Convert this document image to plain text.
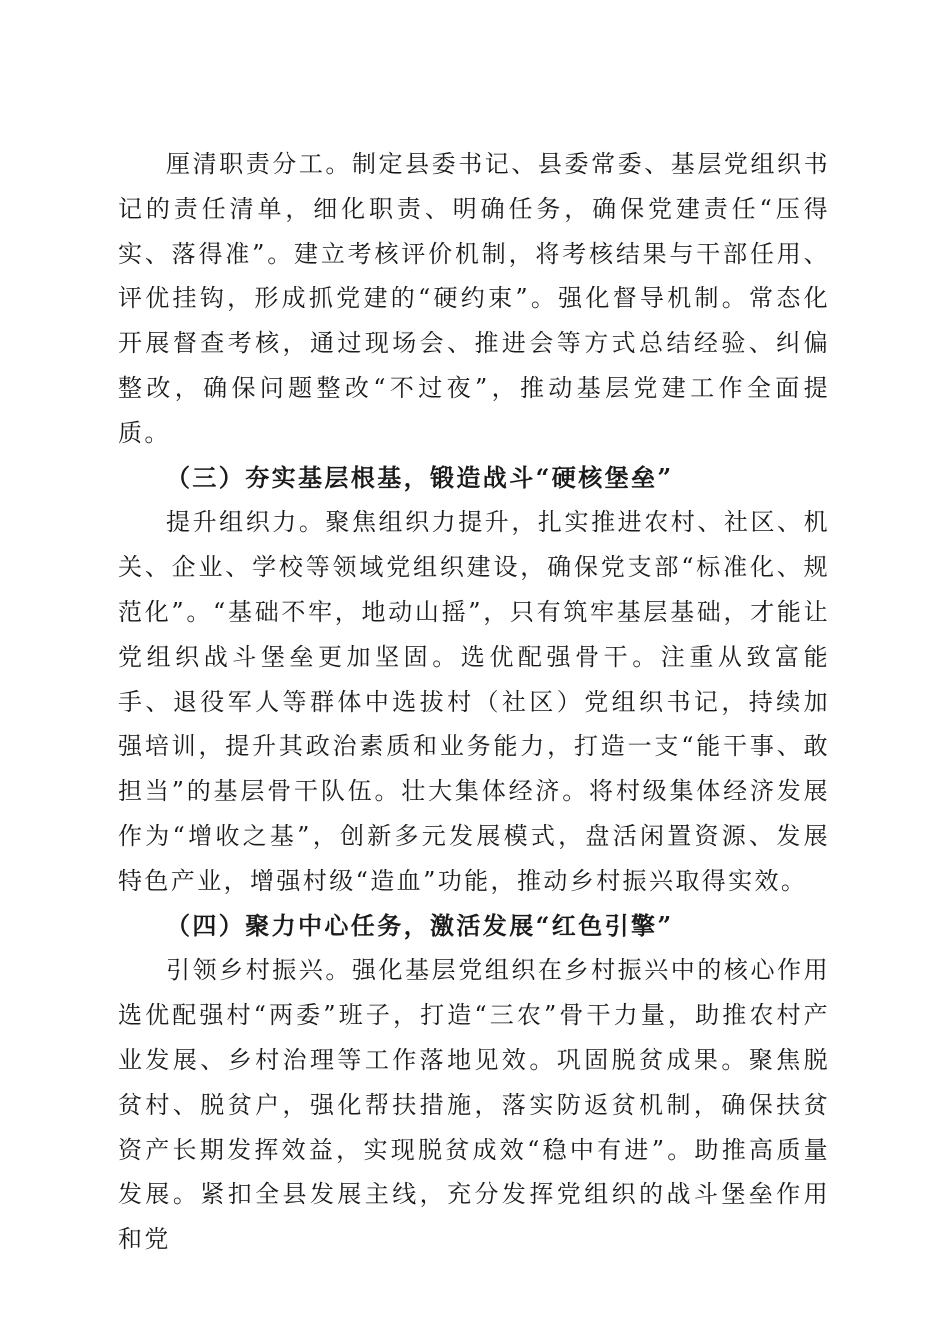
厘清职责分工。制定县委书记、县委常委、基层党组织书记的责任清单，细化职责、明确任务，确保党建责任“压得实、落得准”。建立考核评价机制，将考核结果与干部任用、评优挂钩，形成抓党建的“硬约束”。强化督导机制。常态化开展督查考核，通过现场会、推进会等方式总结经验、纠偏整改，确保问题整改“不过夜”，推动基层党建工作全面提质。

（三）夯实基层根基，锻造战斗“硬核堡垒”

提升组织力。聚焦组织力提升，扎实推进农村、社区、机关、企业、学校等领域党组织建设，确保党支部“标准化、规范化”。“基础不牢，地动山摇”，只有筑牢基层基础，才能让党组织战斗堡垒更加坚固。选优配强骨干。注重从致富能手、退役军人等群体中选拔村（社区）党组织书记，持续加强培训，提升其政治素质和业务能力，打造一支“能干事、敢担当”的基层骨干队伍。壮大集体经济。将村级集体经济发展作为“增收之基”，创新多元发展模式，盘活闲置资源、发展特色产业，增强村级“造血”功能，推动乡村振兴取得实效。

（四）聚力中心任务，激活发展“红色引擎”

引领乡村振兴。强化基层党组织在乡村振兴中的核心作用选优配强村“两委”班子，打造“三农”骨干力量，助推农村产业发展、乡村治理等工作落地见效。巩固脱贫成果。聚焦脱贫村、脱贫户，强化帮扶措施，落实防返贫机制，确保扶贫资产长期发挥效益，实现脱贫成效“稳中有进”。助推高质量发展。紧扣全县发展主线，充分发挥党组织的战斗堡垒作用和党
